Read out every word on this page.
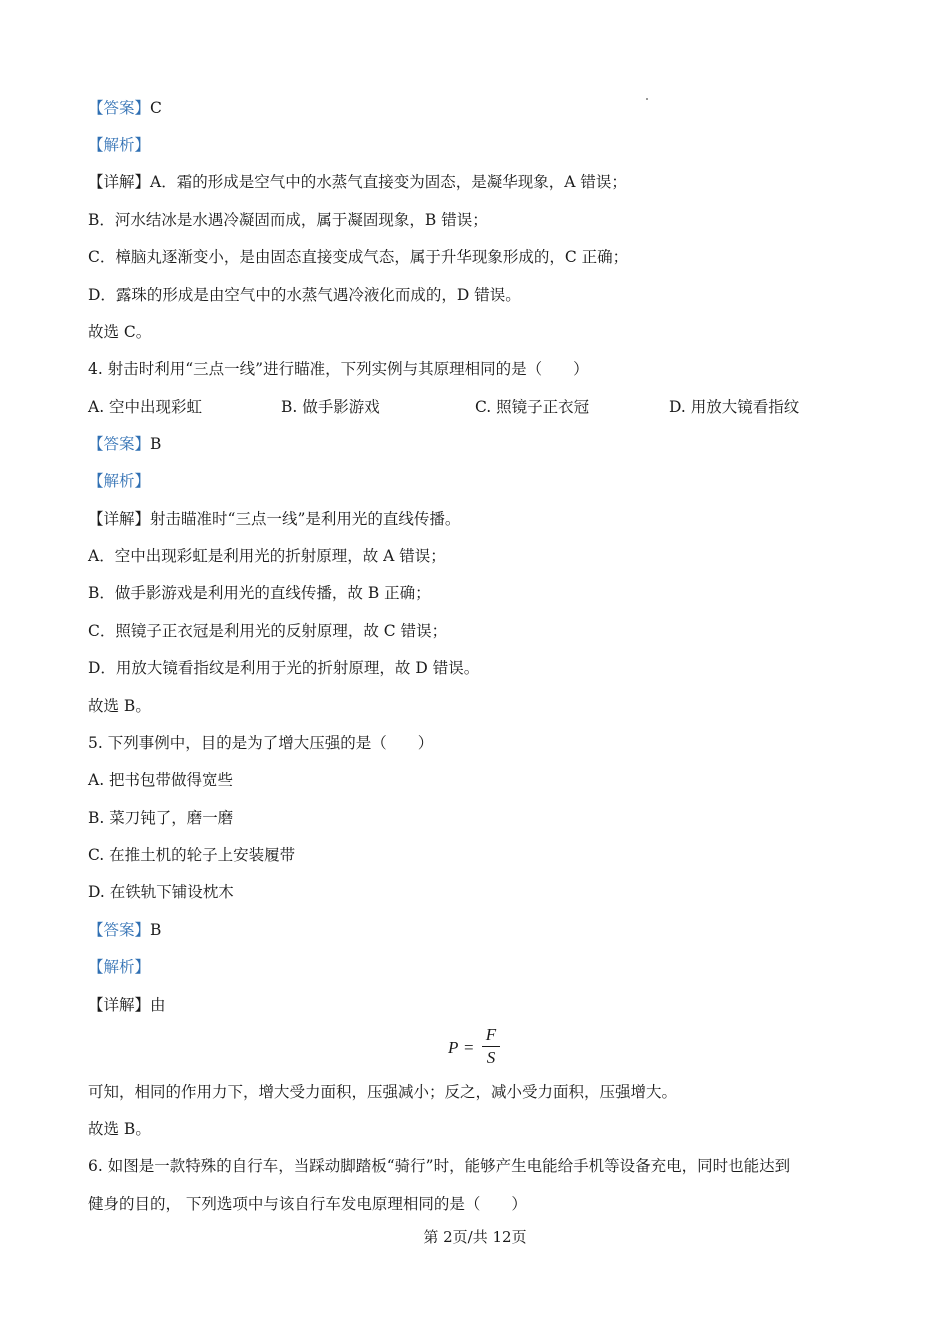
【答案】C
【解析】
【详解】A．霜的形成是空气中的水蒸气直接变为固态，是凝华现象，A 错误；
B．河水结冰是水遇冷凝固而成，属于凝固现象，B 错误；
C．樟脑丸逐渐变小，是由固态直接变成气态，属于升华现象形成的，C 正确；
D．露珠的形成是由空气中的水蒸气遇冷液化而成的，D 错误。
故选 C。
4. 射击时利用“三点一线”进行瞄准，下列实例与其原理相同的是（　　）
A. 空中出现彩虹	B. 做手影游戏	C. 照镜子正衣冠	D. 用放大镜看指纹
【答案】B
【解析】
【详解】射击瞄准时“三点一线”是利用光的直线传播。
A．空中出现彩虹是利用光的折射原理，故 A 错误；
B．做手影游戏是利用光的直线传播，故 B 正确；
C．照镜子正衣冠是利用光的反射原理，故 C 错误；
D．用放大镜看指纹是利用于光的折射原理，故 D 错误。
故选 B。
5. 下列事例中，目的是为了增大压强的是（　　）
A. 把书包带做得宽些
B. 菜刀钝了，磨一磨
C. 在推土机的轮子上安装履带
D. 在铁轨下铺设枕木
【答案】B
【解析】
【详解】由
P =
F
S
可知，相同的作用力下，增大受力面积，压强减小；反之，减小受力面积，压强增大。
故选 B。
6. 如图是一款特殊的自行车，当踩动脚踏板“骑行”时，能够产生电能给手机等设备充电，同时也能达到
健身的目的， 下列选项中与该自行车发电原理相同的是（　　）
第 2页/共 12页
